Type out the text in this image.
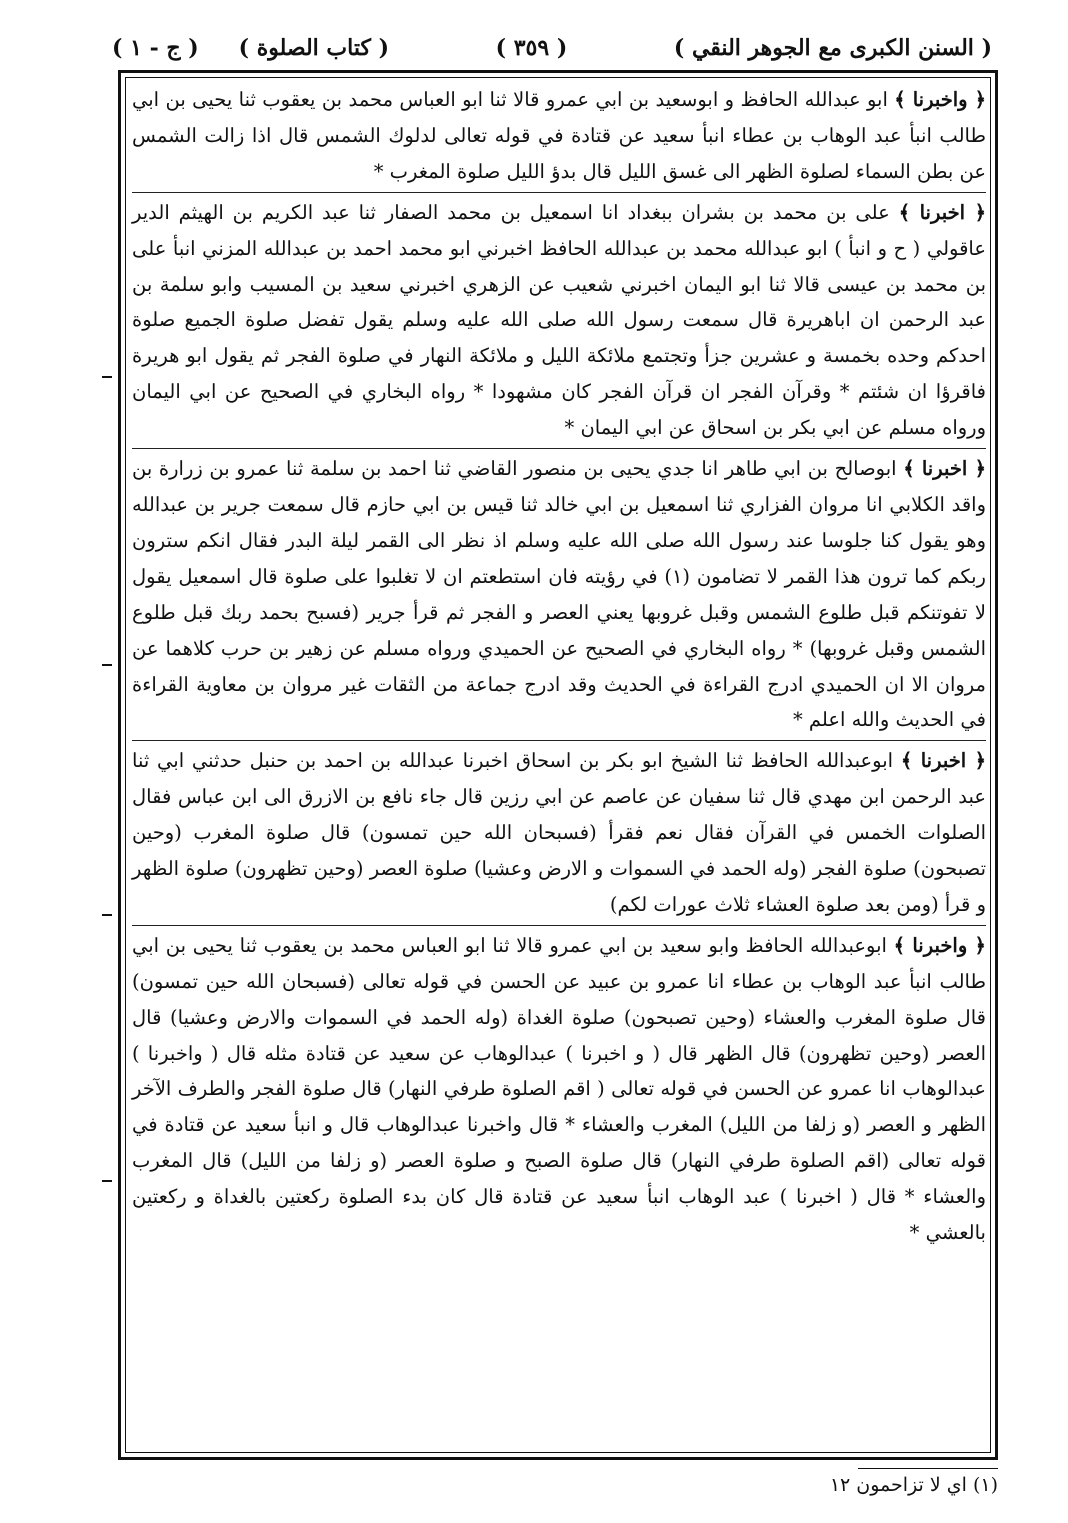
( السنن الكبرى مع الجوهر النقي )
( ٣٥٩ )
( كتاب الصلوة )
( ج - ١ )

﴿ واخبرنا ﴾ ابو عبدالله الحافظ و ابوسعيد بن ابي عمرو قالا ثنا ابو العباس محمد بن يعقوب ثنا يحيى بن ابي طالب انبأ عبد الوهاب بن عطاء انبأ سعيد عن قتادة في قوله تعالى لدلوك الشمس قال اذا زالت الشمس عن بطن السماء لصلوة الظهر الى غسق الليل قال بدؤ الليل صلوة المغرب *

﴿ اخبرنا ﴾ على بن محمد بن بشران ببغداد انا اسمعيل بن محمد الصفار ثنا عبد الكريم بن الهيثم الدير عاقولي ( ح و انبأ ) ابو عبدالله محمد بن عبدالله الحافظ اخبرني ابو محمد احمد بن عبدالله المزني انبأ على بن محمد بن عيسى قالا ثنا ابو اليمان اخبرني شعيب عن الزهري اخبرني سعيد بن المسيب وابو سلمة بن عبد الرحمن ان اباهريرة قال سمعت رسول الله صلى الله عليه وسلم يقول تفضل صلوة الجميع صلوة احدكم وحده بخمسة و عشرين جزأ وتجتمع ملائكة الليل و ملائكة النهار في صلوة الفجر ثم يقول ابو هريرة فاقرؤا ان شئتم * وقرآن الفجر ان قرآن الفجر كان مشهودا * رواه البخاري في الصحيح عن ابي اليمان ورواه مسلم عن ابي بكر بن اسحاق عن ابي اليمان *

﴿ اخبرنا ﴾ ابوصالح بن ابي طاهر انا جدي يحيى بن منصور القاضي ثنا احمد بن سلمة ثنا عمرو بن زرارة بن واقد الكلابي انا مروان الفزاري ثنا اسمعيل بن ابي خالد ثنا قيس بن ابي حازم قال سمعت جرير بن عبدالله وهو يقول كنا جلوسا عند رسول الله صلى الله عليه وسلم اذ نظر الى القمر ليلة البدر فقال انكم سترون ربكم كما ترون هذا القمر لا تضامون (١) في رؤيته فان استطعتم ان لا تغلبوا على صلوة قال اسمعيل يقول لا تفوتنكم قبل طلوع الشمس وقبل غروبها يعني العصر و الفجر ثم قرأ جرير (فسبح بحمد ربك قبل طلوع الشمس وقبل غروبها) * رواه البخاري في الصحيح عن الحميدي ورواه مسلم عن زهير بن حرب كلاهما عن مروان الا ان الحميدي ادرج القراءة في الحديث وقد ادرج جماعة من الثقات غير مروان بن معاوية القراءة في الحديث والله اعلم *

﴿ اخبرنا ﴾ ابوعبدالله الحافظ ثنا الشيخ ابو بكر بن اسحاق اخبرنا عبدالله بن احمد بن حنبل حدثني ابي ثنا عبد الرحمن ابن مهدي قال ثنا سفيان عن عاصم عن ابي رزين قال جاء نافع بن الازرق الى ابن عباس فقال الصلوات الخمس في القرآن فقال نعم فقرأ (فسبحان الله حين تمسون) قال صلوة المغرب (وحين تصبحون) صلوة الفجر (وله الحمد في السموات و الارض وعشيا) صلوة العصر (وحين تظهرون) صلوة الظهر و قرأ (ومن بعد صلوة العشاء ثلاث عورات لكم)

﴿ واخبرنا ﴾ ابوعبدالله الحافظ وابو سعيد بن ابي عمرو قالا ثنا ابو العباس محمد بن يعقوب ثنا يحيى بن ابي طالب انبأ عبد الوهاب بن عطاء انا عمرو بن عبيد عن الحسن في قوله تعالى (فسبحان الله حين تمسون) قال صلوة المغرب والعشاء (وحين تصبحون) صلوة الغداة (وله الحمد في السموات والارض وعشيا) قال العصر (وحين تظهرون) قال الظهر قال ( و اخبرنا ) عبدالوهاب عن سعيد عن قتادة مثله قال ( واخبرنا ) عبدالوهاب انا عمرو عن الحسن في قوله تعالى ( اقم الصلوة طرفي النهار) قال صلوة الفجر والطرف الآخر الظهر و العصر (و زلفا من الليل) المغرب والعشاء * قال واخبرنا عبدالوهاب قال و انبأ سعيد عن قتادة في قوله تعالى (اقم الصلوة طرفي النهار) قال صلوة الصبح و صلوة العصر (و زلفا من الليل) قال المغرب والعشاء * قال ( اخبرنا ) عبد الوهاب انبأ سعيد عن قتادة قال كان بدء الصلوة ركعتين بالغداة و ركعتين بالعشي *

(١) اي لا تزاحمون ١٢
